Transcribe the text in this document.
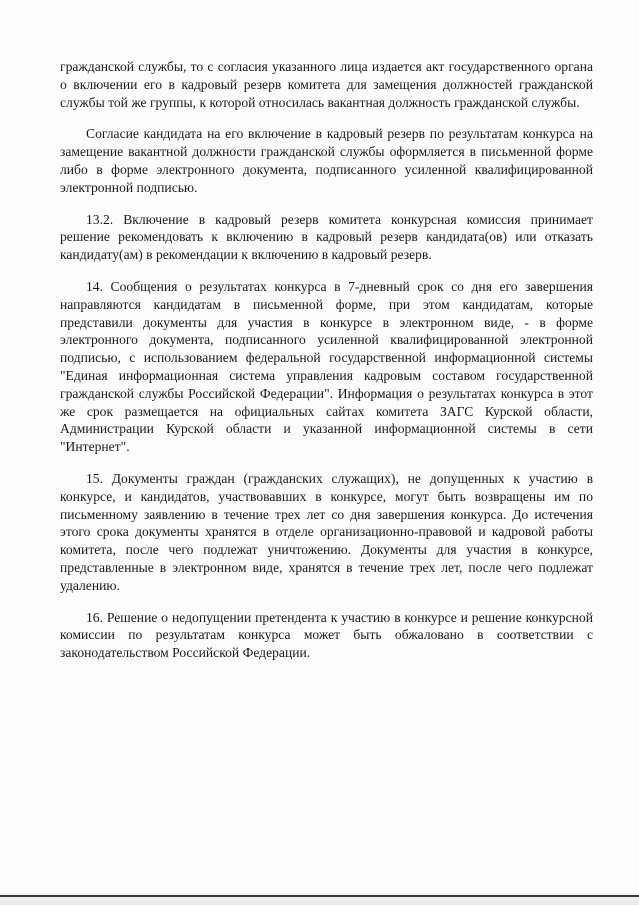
гражданской службы, то с согласия указанного лица издается акт государственного органа о включении его в кадровый резерв комитета для замещения должностей гражданской службы той же группы, к которой относилась вакантная должность гражданской службы.

Согласие кандидата на его включение в кадровый резерв по результатам конкурса на замещение вакантной должности гражданской службы оформляется в письменной форме либо в форме электронного документа, подписанного усиленной квалифицированной электронной подписью.

13.2. Включение в кадровый резерв комитета конкурсная комиссия принимает решение рекомендовать к включению в кадровый резерв кандидата(ов) или отказать кандидату(ам) в рекомендации к включению в кадровый резерв.

14. Сообщения о результатах конкурса в 7-дневный срок со дня его завершения направляются кандидатам в письменной форме, при этом кандидатам, которые представили документы для участия в конкурсе в электронном виде, - в форме электронного документа, подписанного усиленной квалифицированной электронной подписью, с использованием федеральной государственной информационной системы "Единая информационная система управления кадровым составом государственной гражданской службы Российской Федерации". Информация о результатах конкурса в этот же срок размещается на официальных сайтах комитета ЗАГС Курской области, Администрации Курской области и указанной информационной системы в сети "Интернет".

15. Документы граждан (гражданских служащих), не допущенных к участию в конкурсе, и кандидатов, участвовавших в конкурсе, могут быть возвращены им по письменному заявлению в течение трех лет со дня завершения конкурса. До истечения этого срока документы хранятся в отделе организационно-правовой и кадровой работы комитета, после чего подлежат уничтожению. Документы для участия в конкурсе, представленные в электронном виде, хранятся в течение трех лет, после чего подлежат удалению.

16. Решение о недопущении претендента к участию в конкурсе и решение конкурсной комиссии по результатам конкурса может быть обжаловано в соответствии с законодательством Российской Федерации.
